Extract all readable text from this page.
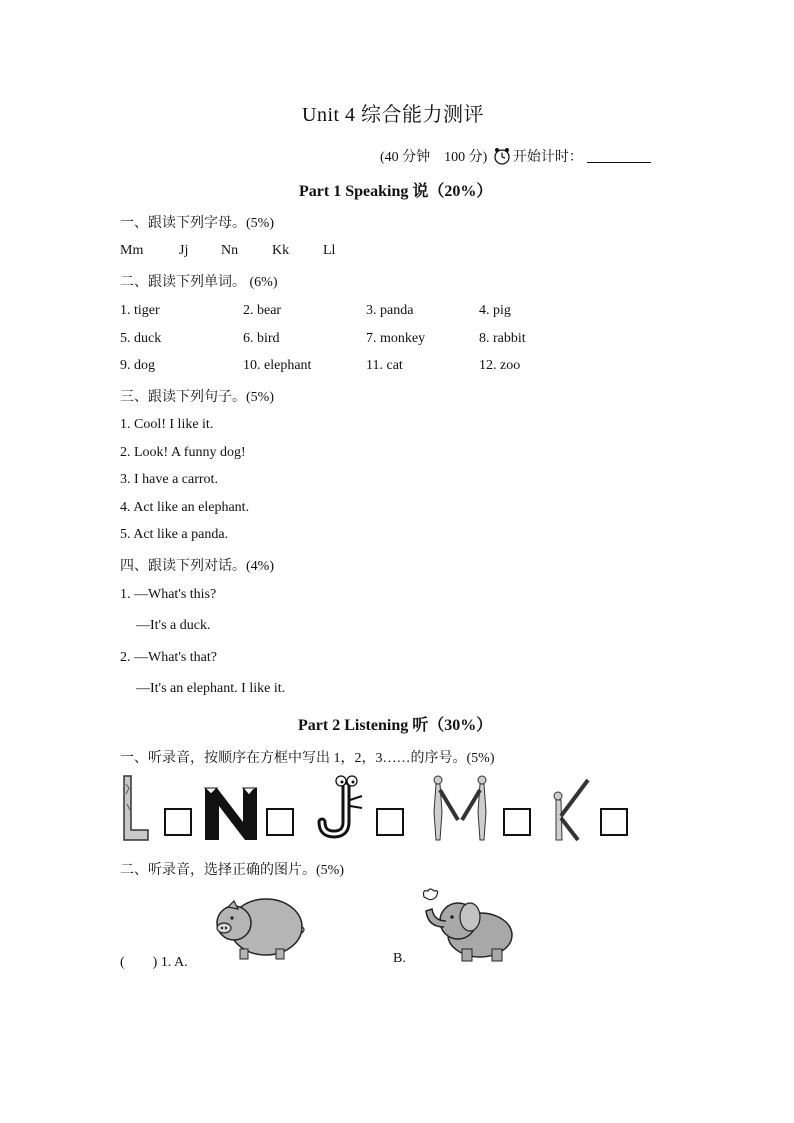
Unit 4 综合能力测评
(40 分钟　100 分) 开始计时：
Part 1 Speaking 说（20%）
一、跟读下列字母。(5%)
Mm	Jj Nn Kk Ll
二、跟读下列单词。 (6%)
1. tiger	2. bear	3. panda	4. pig
5. duck	6. bird	7. monkey	8. rabbit
9. dog	10. elephant	11. cat	12. zoo
三、跟读下列句子。(5%)
1. Cool! I like it.
2. Look! A funny dog!
3. I have a carrot.
4. Act like an elephant.
5. Act like a panda.
四、跟读下列对话。(4%)
1. —What's this?
—It's a duck.
2. —What's that?
—It's an elephant. I like it.
Part 2 Listening 听（30%）
一、听录音，按顺序在方框中写出 1，2，3……的序号。(5%)
二、听录音，选择正确的图片。(5%)
(　　) 1. A.	B.
